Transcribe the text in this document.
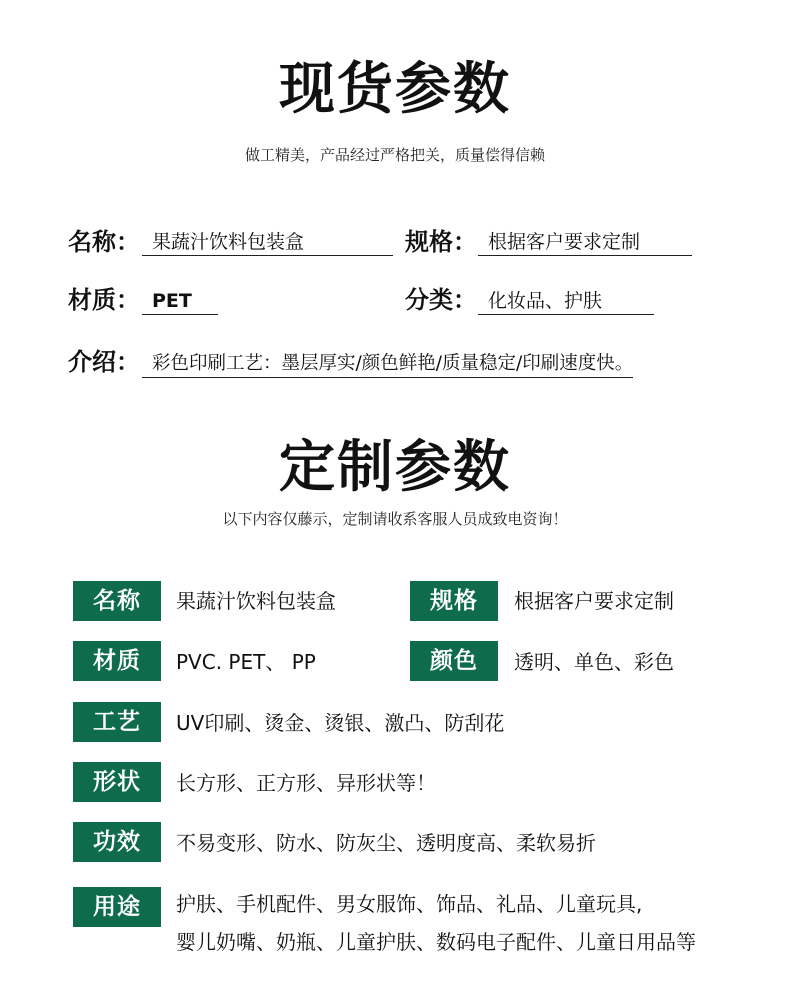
现货参数
做工精美，产品经过严格把关，质量偿得信赖
名称： 果蔬汁饮料包装盒	规格： 根据客户要求定制
材质： PET	分类： 化妆品、护肤
介绍： 彩色印刷工艺：墨层厚实/颜色鲜艳/质量稳定/印刷速度快。
定制参数
以下内容仅藤示，定制请收系客服人员成致电资询！
名称	果蔬汁饮料包装盒	规格	根据客户要求定制
材质	PVC. PET、 PP	颜色	透明、单色、彩色
工艺	UV印刷、烫金、烫银、激凸、防刮花
形状	长方形、正方形、异形状等！
功效	不易变形、防水、防灰尘、透明度高、柔软易折
用途	护肤、手机配件、男女服饰、饰品、礼品、儿童玩具,
婴儿奶嘴、奶瓶、儿童护肤、数码电子配件、儿童日用品等
